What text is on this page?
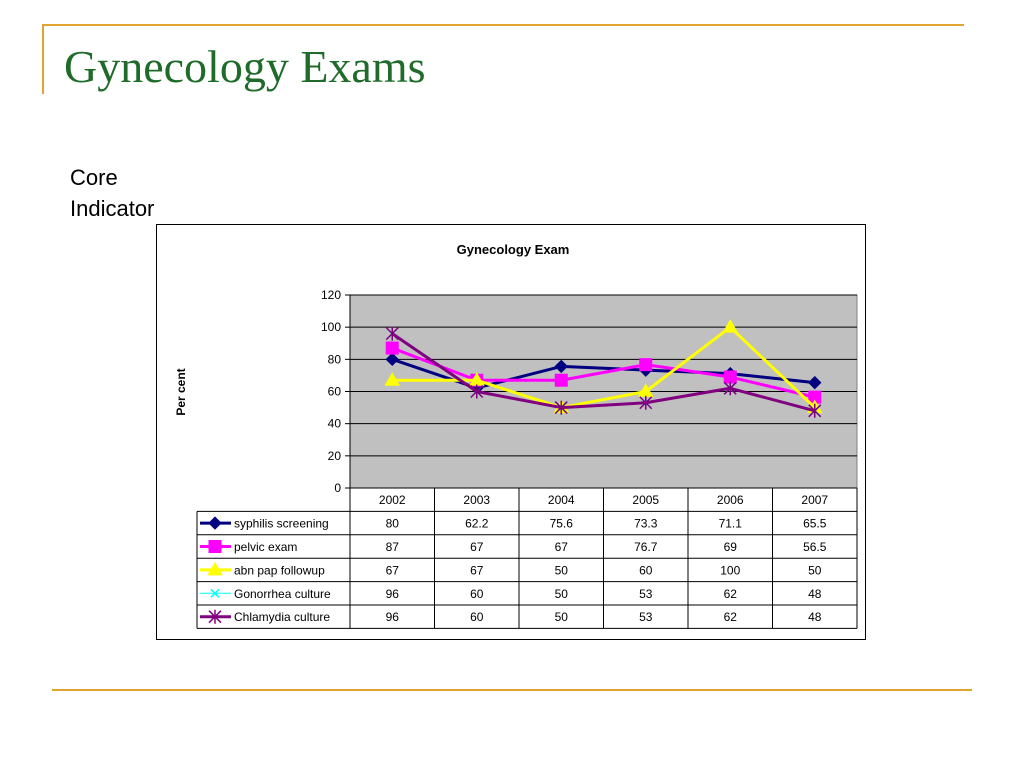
Gynecology Exams
Core
Indicator
Gynecology Exam
Per cent
0
20
40
60
80
100
120
2002	2003	2004	2005	2006	2007
syphilis screening	80	62.2	75.6	73.3	71.1	65.5
pelvic exam	87	67	67	76.7	69	56.5
abn pap followup	67	67	50	60	100	50
Gonorrhea culture	96	60	50	53	62	48
Chlamydia culture	96	60	50	53	62	48
